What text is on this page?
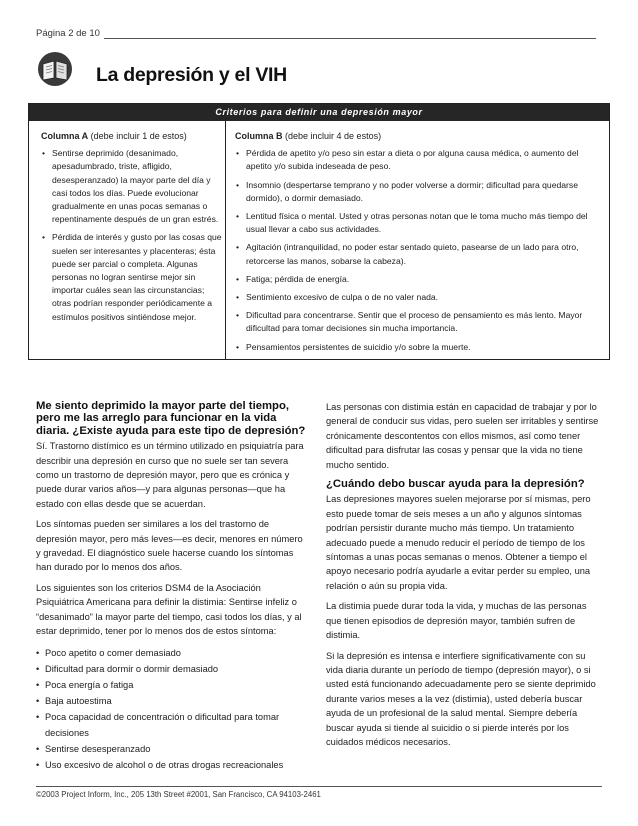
Página 2 de 10
La depresión y el VIH
Criterios para definir una depresión mayor
Columna A (debe incluir 1 de estos)
• Sentirse deprimido (desanimado, apesadumbrado, triste, afligido, desesperanzado) la mayor parte del día y casi todos los días. Puede evolucionar gradualmente en unas pocas semanas o repentinamente después de un gran estrés.
• Pérdida de interés y gusto por las cosas que suelen ser interesantes y placenteras; ésta puede ser parcial o completa. Algunas personas no logran sentirse mejor sin importar cuáles sean las circunstancias; otras podrían responder periódicamente a estímulos positivos sintiéndose mejor.
Columna B (debe incluir 4 de estos)
• Pérdida de apetito y/o peso sin estar a dieta o por alguna causa médica, o aumento del apetito y/o subida indeseada de peso.
• Insomnio (despertarse temprano y no poder volverse a dormir; dificultad para quedarse dormido), o dormir demasiado.
• Lentitud física o mental. Usted y otras personas notan que le toma mucho más tiempo del usual llevar a cabo sus actividades.
• Agitación (intranquilidad, no poder estar sentado quieto, pasearse de un lado para otro, retorcerse las manos, sobarse la cabeza).
• Fatiga; pérdida de energía.
• Sentimiento excesivo de culpa o de no valer nada.
• Dificultad para concentrarse. Sentir que el proceso de pensamiento es más lento. Mayor dificultad para tomar decisiones sin mucha importancia.
• Pensamientos persistentes de suicidio y/o sobre la muerte.
Me siento deprimido la mayor parte del tiempo, pero me las arreglo para funcionar en la vida diaria. ¿Existe ayuda para este tipo de depresión?

Sí. Trastorno distímico es un término utilizado en psiquiatría para describir una depresión en curso que no suele ser tan severa como un trastorno de depresión mayor, pero que es crónica y puede durar varios años—y para algunas personas—que ha estado con ellas desde que se acuerdan.

Los síntomas pueden ser similares a los del trastorno de depresión mayor, pero más leves—es decir, menores en número y gravedad. El diagnóstico suele hacerse cuando los síntomas han durado por lo menos dos años.

Los siguientes son los criterios DSM4 de la Asociación Psiquiátrica Americana para definir la distimia: Sentirse infeliz o “desanimado” la mayor parte del tiempo, casi todos los días, y al estar deprimido, tener por lo menos dos de estos síntoma:

• Poco apetito o comer demasiado
• Dificultad para dormir o dormir demasiado
• Poca energía o fatiga
• Baja autoestima
• Poca capacidad de concentración o dificultad para tomar decisiones
• Sentirse desesperanzado
• Uso excesivo de alcohol o de otras drogas recreacionales

Las personas con distimia están en capacidad de trabajar y por lo general de conducir sus vidas, pero suelen ser irritables y sentirse crónicamente descontentos con ellos mismos, así como tener dificultad para disfrutar las cosas y pensar que la vida no tiene mucho sentido.

¿Cuándo debo buscar ayuda para la depresión?

Las depresiones mayores suelen mejorarse por sí mismas, pero esto puede tomar de seis meses a un año y algunos síntomas podrían persistir durante mucho más tiempo. Un tratamiento adecuado puede a menudo reducir el período de tiempo de los síntomas a unas pocas semanas o menos. Obtener a tiempo el apoyo necesario podría ayudarle a evitar perder su empleo, una relación o aún su propia vida.

La distimia puede durar toda la vida, y muchas de las personas que tienen episodios de depresión mayor, también sufren de distimia.

Si la depresión es intensa e interfiere significativamente con su vida diaria durante un período de tiempo (depresión mayor), o si usted está funcionando adecuadamente pero se siente deprimido durante varios meses a la vez (distimia), usted debería buscar ayuda de un profesional de la salud mental. Siempre debería buscar ayuda si tiende al suicidio o si pierde interés por los cuidados médicos necesarios.

©2003 Project Inform, Inc., 205 13th Street #2001, San Francisco, CA 94103-2461
